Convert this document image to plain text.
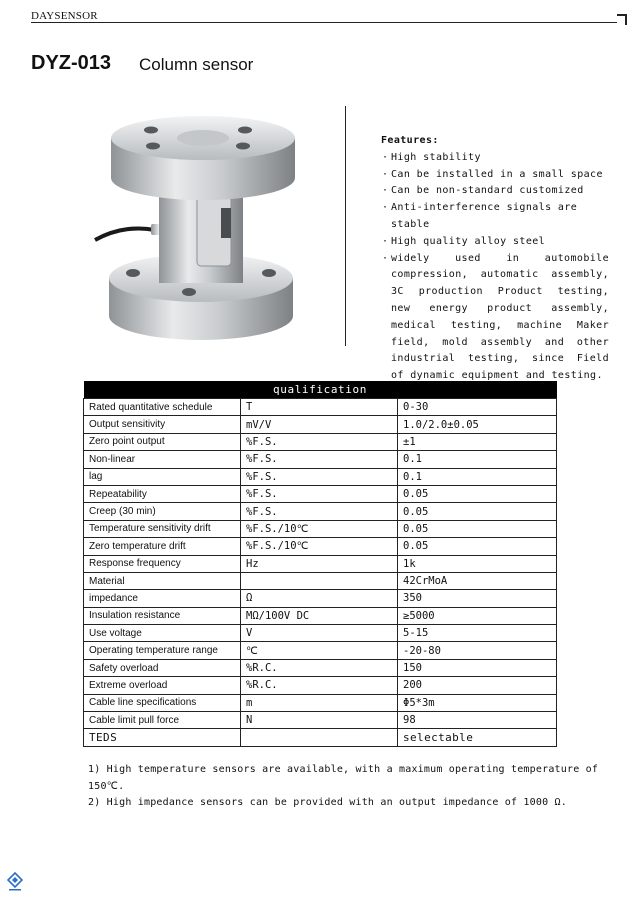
DAYSENSOR
DYZ-013 Column sensor
Features:
· High stability
· Can be installed in a small space
· Can be non-standard customized
· Anti-interference signals are stable
· High quality alloy steel
· widely used in automobile compression, automatic assembly, 3C production Product testing, new energy product assembly, medical testing, machine Maker field, mold assembly and other industrial testing, since Field of dynamic equipment and testing.
qualification		
Rated quantitative schedule	T	0-30
Output sensitivity	mV/V	1.0/2.0±0.05
Zero point output	%F.S.	±1
Non-linear	%F.S.	0.1
lag	%F.S.	0.1
Repeatability	%F.S.	0.05
Creep (30 min)	%F.S.	0.05
Temperature sensitivity drift	%F.S./10℃	0.05
Zero temperature drift	%F.S./10℃	0.05
Response frequency	Hz	1k
Material		42CrMoA
impedance	Ω	350
Insulation resistance	MΩ/100V DC	≥5000
Use voltage	V	5-15
Operating temperature range	℃	-20-80
Safety overload	%R.C.	150
Extreme overload	%R.C.	200
Cable line specifications	m	Φ5*3m
Cable limit pull force	N	98
TEDS		selectable
1) High temperature sensors are available, with a maximum operating temperature of 150℃.
2) High impedance sensors can be provided with an output impedance of 1000 Ω.
